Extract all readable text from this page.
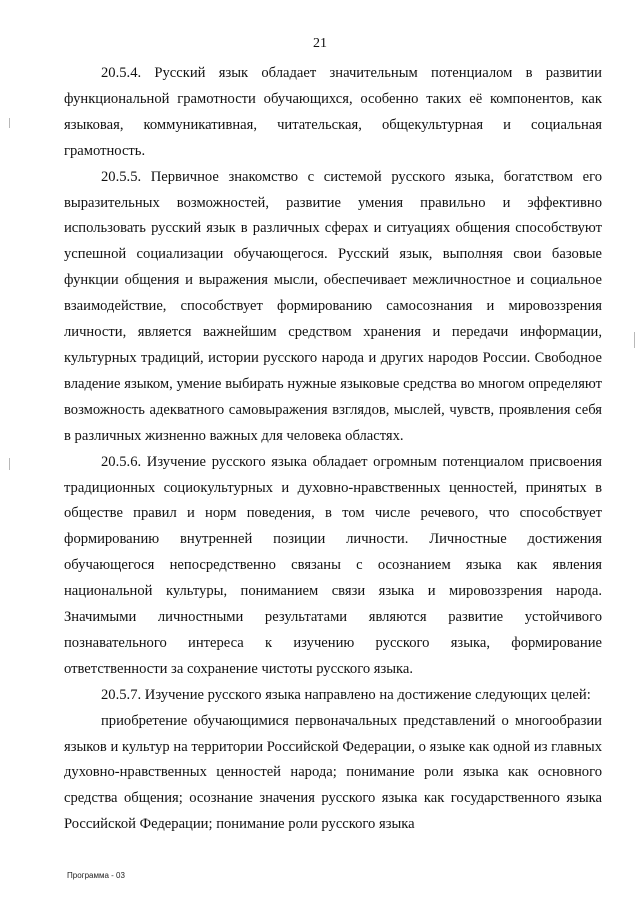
21

20.5.4. Русский язык обладает значительным потенциалом в развитии функциональной грамотности обучающихся, особенно таких её компонентов, как языковая, коммуникативная, читательская, общекультурная и социальная грамотность.

20.5.5. Первичное знакомство с системой русского языка, богатством его выразительных возможностей, развитие умения правильно и эффективно использовать русский язык в различных сферах и ситуациях общения способствуют успешной социализации обучающегося. Русский язык, выполняя свои базовые функции общения и выражения мысли, обеспечивает межличностное и социальное взаимодействие, способствует формированию самосознания и мировоззрения личности, является важнейшим средством хранения и передачи информации, культурных традиций, истории русского народа и других народов России. Свободное владение языком, умение выбирать нужные языковые средства во многом определяют возможность адекватного самовыражения взглядов, мыслей, чувств, проявления себя в различных жизненно важных для человека областях.

20.5.6. Изучение русского языка обладает огромным потенциалом присвоения традиционных социокультурных и духовно-нравственных ценностей, принятых в обществе правил и норм поведения, в том числе речевого, что способствует формированию внутренней позиции личности. Личностные достижения обучающегося непосредственно связаны с осознанием языка как явления национальной культуры, пониманием связи языка и мировоззрения народа. Значимыми личностными результатами являются развитие устойчивого познавательного интереса к изучению русского языка, формирование ответственности за сохранение чистоты русского языка.

20.5.7. Изучение русского языка направлено на достижение следующих целей:

приобретение обучающимися первоначальных представлений о многообразии языков и культур на территории Российской Федерации, о языке как одной из главных духовно-нравственных ценностей народа; понимание роли языка как основного средства общения; осознание значения русского языка как государственного языка Российской Федерации; понимание роли русского языка

Программа - 03
